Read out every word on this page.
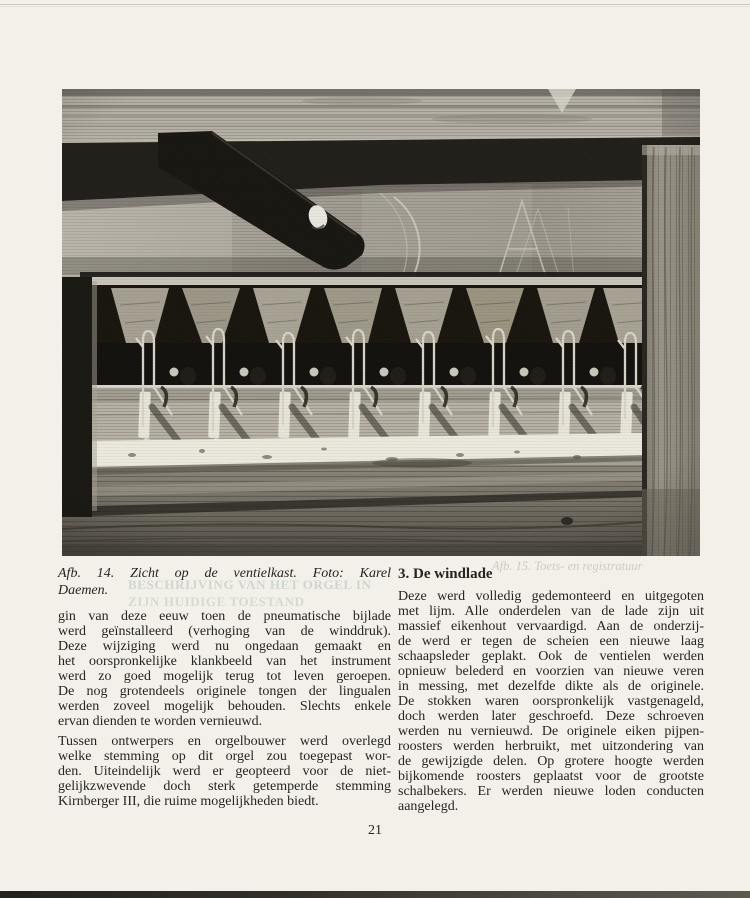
BESCHRIJVING VAN HET ORGEL IN
ZIJN HUIDIGE TOESTAND
Afb. 15. Toets- en registratuur
Afb. 14. Zicht op de ventielkast. Foto: Karel
Daemen.
gin van deze eeuw toen de pneumatische bijlade
werd geïnstalleerd (verhoging van de winddruk).
Deze wijziging werd nu ongedaan gemaakt en
het oorspronkelijke klankbeeld van het instrument
werd zo goed mogelijk terug tot leven geroepen.
De nog grotendeels originele tongen der lingualen
werden zoveel mogelijk behouden. Slechts enkele
ervan dienden te worden vernieuwd.
Tussen ontwerpers en orgelbouwer werd overlegd
welke stemming op dit orgel zou toegepast wor-
den. Uiteindelijk werd er geopteerd voor de niet-
gelijkzwevende doch sterk getemperde stemming
Kirnberger III, die ruime mogelijkheden biedt.
3. De windlade
Deze werd volledig gedemonteerd en uitgegoten
met lijm. Alle onderdelen van de lade zijn uit
massief eikenhout vervaardigd. Aan de onderzij-
de werd er tegen de scheien een nieuwe laag
schaapsleder geplakt. Ook de ventielen werden
opnieuw belederd en voorzien van nieuwe veren
in messing, met dezelfde dikte als de originele.
De stokken waren oorspronkelijk vastgenageld,
doch werden later geschroefd. Deze schroeven
werden nu vernieuwd. De originele eiken pijpen-
roosters werden herbruikt, met uitzondering van
de gewijzigde delen. Op grotere hoogte werden
bijkomende roosters geplaatst voor de grootste
schalbekers. Er werden nieuwe loden conducten
aangelegd.
21
